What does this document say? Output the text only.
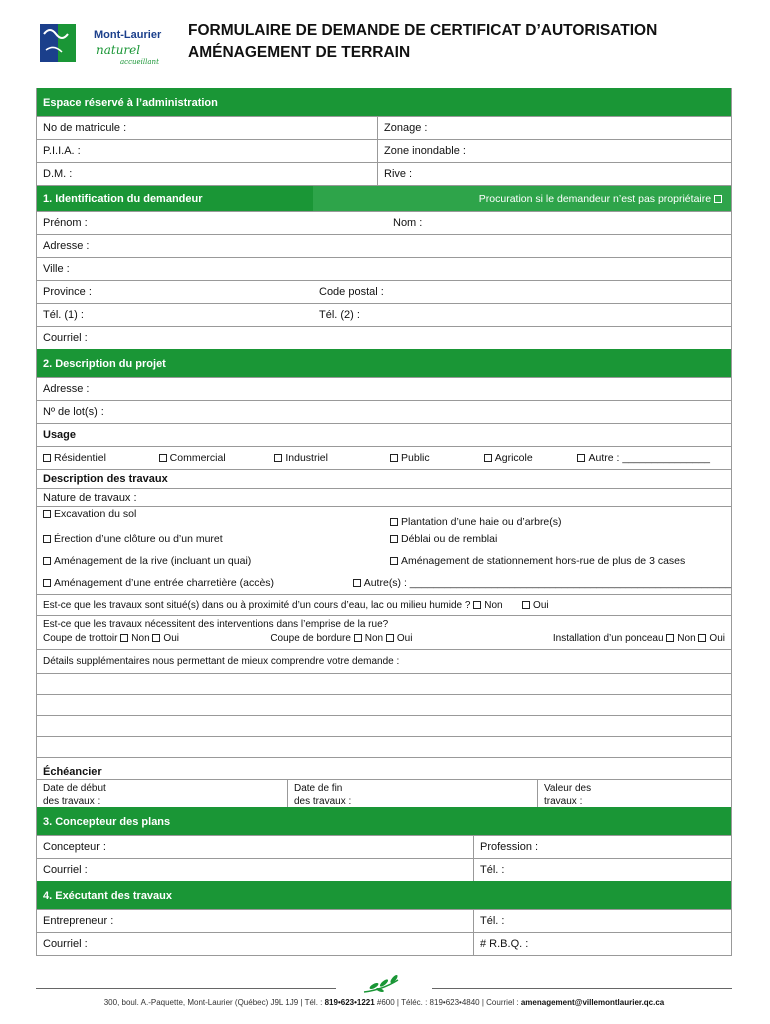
Mont-Laurier
naturel
accueillant
FORMULAIRE DE DEMANDE DE CERTIFICAT D’AUTORISATION
AMÉNAGEMENT DE TERRAIN
Espace réservé à l’administration
No de matricule :	Zonage :
P.I.I.A. :	Zone inondable :
D.M. :	Rive :
1. Identification du demandeur	Procuration si le demandeur n’est pas propriétaire

Prénom :	Nom :
Adresse :
Ville :
Province :	Code postal :
Tél. (1) :	Tél. (2) :
Courriel :
2. Description du projet
Adresse :
Nº de lot(s) :
Usage
Résidentiel	Commercial	Industriel	Public	Agricole	Autre : _______________
Description des travaux
Nature de travaux :
Excavation du sol
Plantation d’une haie ou d’arbre(s)
Érection d’une clôture ou d’un muret	Déblai ou de remblai
Aménagement de la rive (incluant un quai)	Aménagement de stationnement hors-rue de plus de 3 cases
Aménagement d’une entrée charretière (accès)	Autre(s) : _______________________________________________________
Est-ce que les travaux sont situé(s) dans ou à proximité d’un cours d’eau, lac ou milieu humide ?
Non
	Oui
Est-ce que les travaux nécessitent des interventions dans l’emprise de la rue?
Coupe de trottoir Non Oui	Coupe de bordure Non Oui	Installation d’un ponceau Non Oui
Détails supplémentaires nous permettant de mieux comprendre votre demande :
Échéancier
Date de début
des travaux :
Date de fin
des travaux :
Valeur des
travaux :
3. Concepteur des plans
Concepteur :	Profession :
Courriel :	Tél. :
4. Exécutant des travaux
Entrepreneur :	Tél. :
Courriel :	# R.B.Q. :
300, boul. A.-Paquette, Mont-Laurier (Québec) J9L 1J9 | Tél. : 819•623•1221 #600 | Téléc. : 819•623•4840 | Courriel : amenagement@villemontlaurier.qc.ca
